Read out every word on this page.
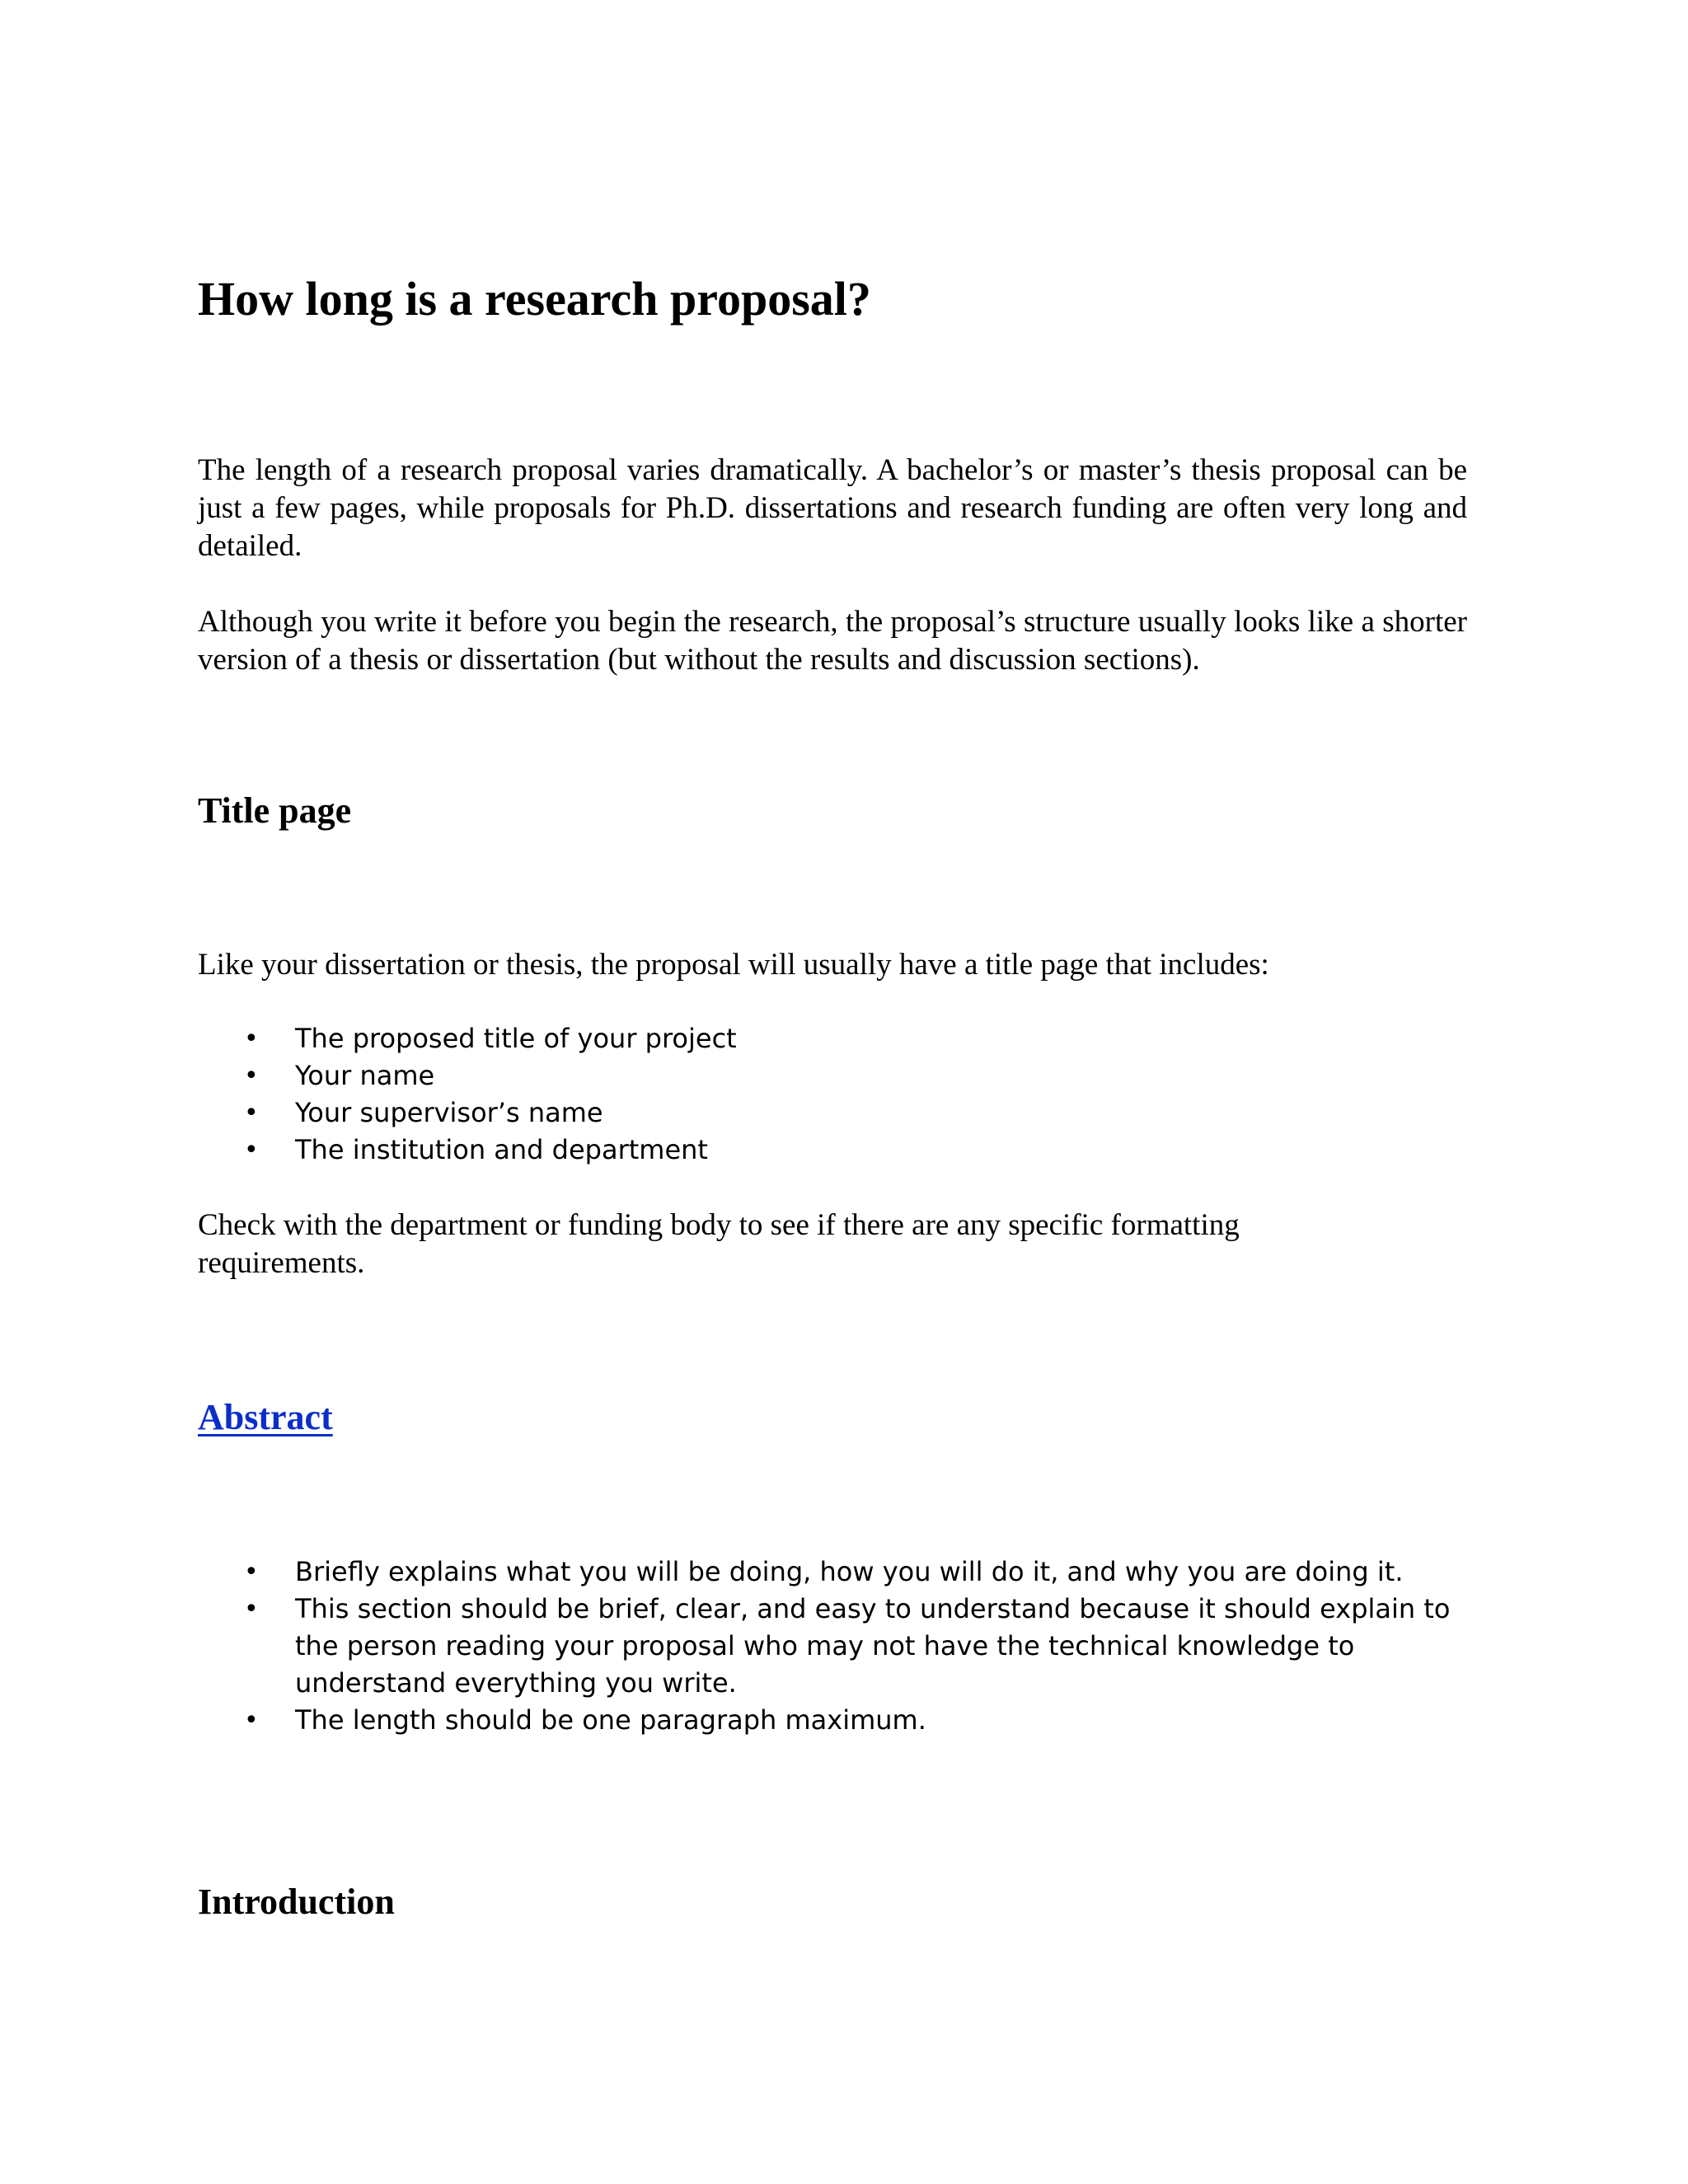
How long is a research proposal?

The length of a research proposal varies dramatically. A bachelor’s or master’s thesis proposal can be just a few pages, while proposals for Ph.D. dissertations and research funding are often very long and detailed.

Although you write it before you begin the research, the proposal’s structure usually looks like a shorter version of a thesis or dissertation (but without the results and discussion sections).

Title page

Like your dissertation or thesis, the proposal will usually have a title page that includes:

• The proposed title of your project
• Your name
• Your supervisor’s name
• The institution and department

Check with the department or funding body to see if there are any specific formatting requirements.

Abstract
• Briefly explains what you will be doing, how you will do it, and why you are doing it.
• This section should be brief, clear, and easy to understand because it should explain to the person reading your proposal who may not have the technical knowledge to understand everything you write.
• The length should be one paragraph maximum.
Introduction
